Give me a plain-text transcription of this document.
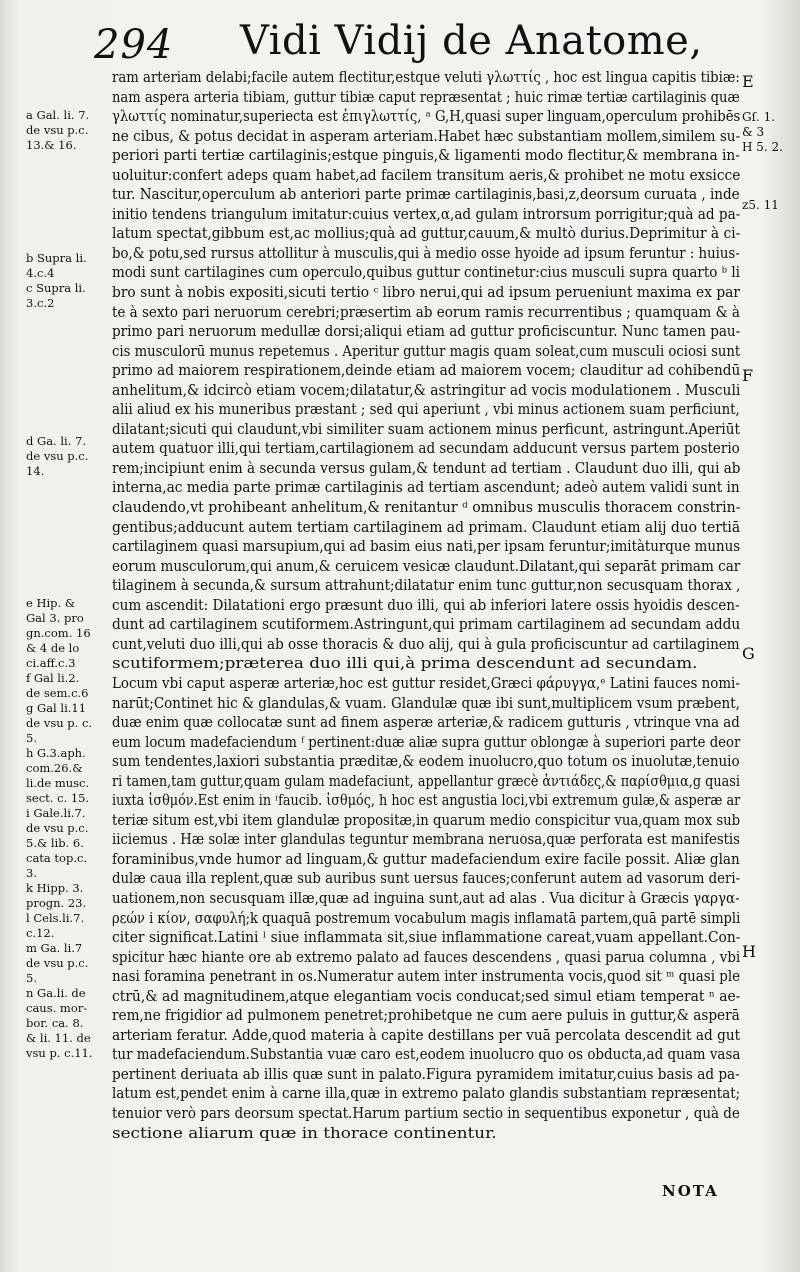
294 Vidi Vidij de Anatome,
ram arteriam delabi;facile autem flectitur,estque veluti γλωττίς , hoc est lingua capitis tibiæ:
nam aspera arteria tibiam, guttur tibiæ caput repræsentat ; huic rimæ tertiæ cartilaginis quæ
γλωττίς nominatur,superiecta est ἐπιγλωττίς, ᵃ G,H,quasi super linguam,operculum prohibēs
ne cibus, & potus decidat in asperam arteriam.Habet hæc substantiam mollem,similem su-
periori parti tertiæ cartilaginis;estque pinguis,& ligamenti modo flectitur,& membrana in-
uoluitur:confert adeps quam habet,ad facilem transitum aeris,& prohibet ne motu exsicce
tur. Nascitur,operculum ab anteriori parte primæ cartilaginis,basi,z,deorsum curuata , inde
initio tendens triangulum imitatur:cuius vertex,α,ad gulam introrsum porrigitur;quà ad pa-
latum spectat,gibbum est,ac mollius;quà ad guttur,cauum,& multò durius.Deprimitur à ci-
bo,& potu,sed rursus attollitur à musculis,qui à medio osse hyoide ad ipsum feruntur : huius-
modi sunt cartilagines cum operculo,quibus guttur continetur:cius musculi supra quarto ᵇ li
bro sunt à nobis expositi,sicuti tertio ᶜ libro nerui,qui ad ipsum perueniunt maxima ex par
te à sexto pari neruorum cerebri;præsertim ab eorum ramis recurrentibus ; quamquam & à
primo pari neruorum medullæ dorsi;aliqui etiam ad guttur proficiscuntur. Nunc tamen pau-
cis musculorū munus repetemus . Aperitur guttur magis quam soleat,cum musculi ociosi sunt
primo ad maiorem respirationem,deinde etiam ad maiorem vocem; clauditur ad cohibendū
anhelitum,& idcircò etiam vocem;dilatatur,& astringitur ad vocis modulationem . Musculi
alii aliud ex his muneribus præstant ; sed qui aperiunt , vbi minus actionem suam perficiunt,
dilatant;sicuti qui claudunt,vbi similiter suam actionem minus perficunt, astringunt.Aperiūt
autem quatuor illi,qui tertiam,cartilagionem ad secundam adducunt versus partem posterio
rem;incipiunt enim à secunda versus gulam,& tendunt ad tertiam . Claudunt duo illi, qui ab
interna,ac media parte primæ cartilaginis ad tertiam ascendunt; adeò autem validi sunt in
claudendo,vt prohibeant anhelitum,& renitantur ᵈ omnibus musculis thoracem constrin-
gentibus;adducunt autem tertiam cartilaginem ad primam. Claudunt etiam alij duo tertiā
cartilaginem quasi marsupium,qui ad basim eius nati,per ipsam feruntur;imitàturque munus
eorum musculorum,qui anum,& ceruicem vesicæ claudunt.Dilatant,qui separāt primam car
tilaginem à secunda,& sursum attrahunt;dilatatur enim tunc guttur,non secusquam thorax ,
cum ascendit: Dilatationi ergo præsunt duo illi, qui ab inferiori latere ossis hyoidis descen-
dunt ad cartilaginem scutiformem.Astringunt,qui primam cartilaginem ad secundam addu
cunt,veluti duo illi,qui ab osse thoracis & duo alij, qui à gula proficiscuntur ad cartilaginem
scutiformem;præterea duo illi qui,à prima descendunt ad secundam.
Locum vbi caput asperæ arteriæ,hoc est guttur residet,Græci φάρυγγα,ᵉ Latini fauces nomi-
narūt;Continet hic & glandulas,& vuam. Glandulæ quæ ibi sunt,multiplicem vsum præbent,
duæ enim quæ collocatæ sunt ad finem asperæ arteriæ,& radicem gutturis , vtrinque vna ad
eum locum madefaciendum ᶠ pertinent:duæ aliæ supra guttur oblongæ à superiori parte deor
sum tendentes,laxiori substantia præditæ,& eodem inuolucro,quo totum os inuolutæ,tenuio
ri tamen,tam guttur,quam gulam madefaciunt, appellantur græcè ἀντιάδες,& παρίσθμια,g quasi
iuxta ἰσθμόν.Est enim in ᶦfaucib. ἰσθμός, h hoc est angustia loci,vbi extremum gulæ,& asperæ ar
teriæ situm est,vbi item glandulæ propositæ,in quarum medio conspicitur vua,quam mox sub
iiciemus . Hæ solæ inter glandulas teguntur membrana neruosa,quæ perforata est manifestis
foraminibus,vnde humor ad linguam,& guttur madefaciendum exire facile possit. Aliæ glan
dulæ caua illa replent,quæ sub auribus sunt uersus fauces;conferunt autem ad vasorum deri-
uationem,non secusquam illæ,quæ ad inguina sunt,aut ad alas . Vua dicitur à Græcis γαργα-
ρεών i κίον, σαφυλή;k quaquā postremum vocabulum magis inflamatā partem,quā partē simpli
citer significat.Latini ˡ siue inflammata sit,siue inflammatione careat,vuam appellant.Con-
spicitur hæc hiante ore ab extremo palato ad fauces descendens , quasi parua columna , vbi
nasi foramina penetrant in os.Numeratur autem inter instrumenta vocis,quod sit ᵐ quasi ple
ctrū,& ad magnitudinem,atque elegantiam vocis conducat;sed simul etiam temperat ⁿ ae-
rem,ne frigidior ad pulmonem penetret;prohibetque ne cum aere puluis in guttur,& asperā
arteriam feratur. Adde,quod materia à capite destillans per vuā percolata descendit ad gut
tur madefaciendum.Substantia vuæ caro est,eodem inuolucro quo os obducta,ad quam vasa
pertinent deriuata ab illis quæ sunt in palato.Figura pyramidem imitatur,cuius basis ad pa-
latum est,pendet enim à carne illa,quæ in extremo palato glandis substantiam repræsentat;
tenuior verò pars deorsum spectat.Harum partium sectio in sequentibus exponetur , quà de
sectione aliarum quæ in thorace continentur.
a Gal. li. 7.
de vsu p.c.
13.& 16.
b Supra li.
4.c.4
c Supra li.
3.c.2
d Ga. li. 7.
de vsu p.c.
14.
e Hip. &
Gal 3. pro
gn.com. 16
& 4 de lo
ci.aff.c.3
f Gal li.2.
de sem.c.6
g Gal li.11
de vsu p. c.
5.
h G.3.aph.
com.26.&
li.de musc.
sect. c. 15.
i Gale.li.7.
de vsu p.c.
5.& lib. 6.
cata top.c.
3.
k Hipp. 3.
progn. 23.
l Cels.li.7.
c.12.
m Ga. li.7
de vsu p.c.
5.
n Ga.li. de
caus. mor-
bor. ca. 8.
& li. 11. de
vsu p. c.11.
E
Gſ. 1.
& 3
H 5. 2.
z5. 11
F
G
H
NOTA
